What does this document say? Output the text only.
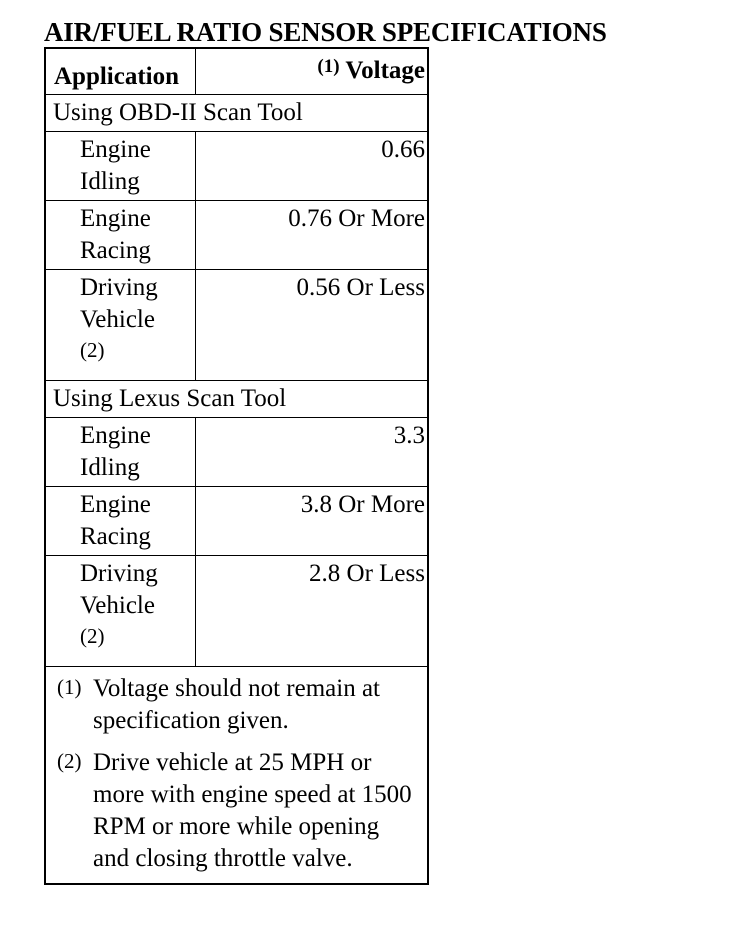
AIR/FUEL RATIO SENSOR SPECIFICATIONS
Application	$^{(1)}$ Voltage
Using OBD-II Scan Tool	
Engine
Idling	0.66
Engine
Racing	0.76 Or More
Driving
Vehicle
(2)	0.56 Or Less
Using Lexus Scan Tool	
Engine
Idling	3.3
Engine
Racing	3.8 Or More
Driving
Vehicle
(2)	2.8 Or Less

(1) Voltage should not remain at specification given.
(2) Drive vehicle at 25 MPH or more with engine speed at 1500 RPM or more while opening and closing throttle valve.	
